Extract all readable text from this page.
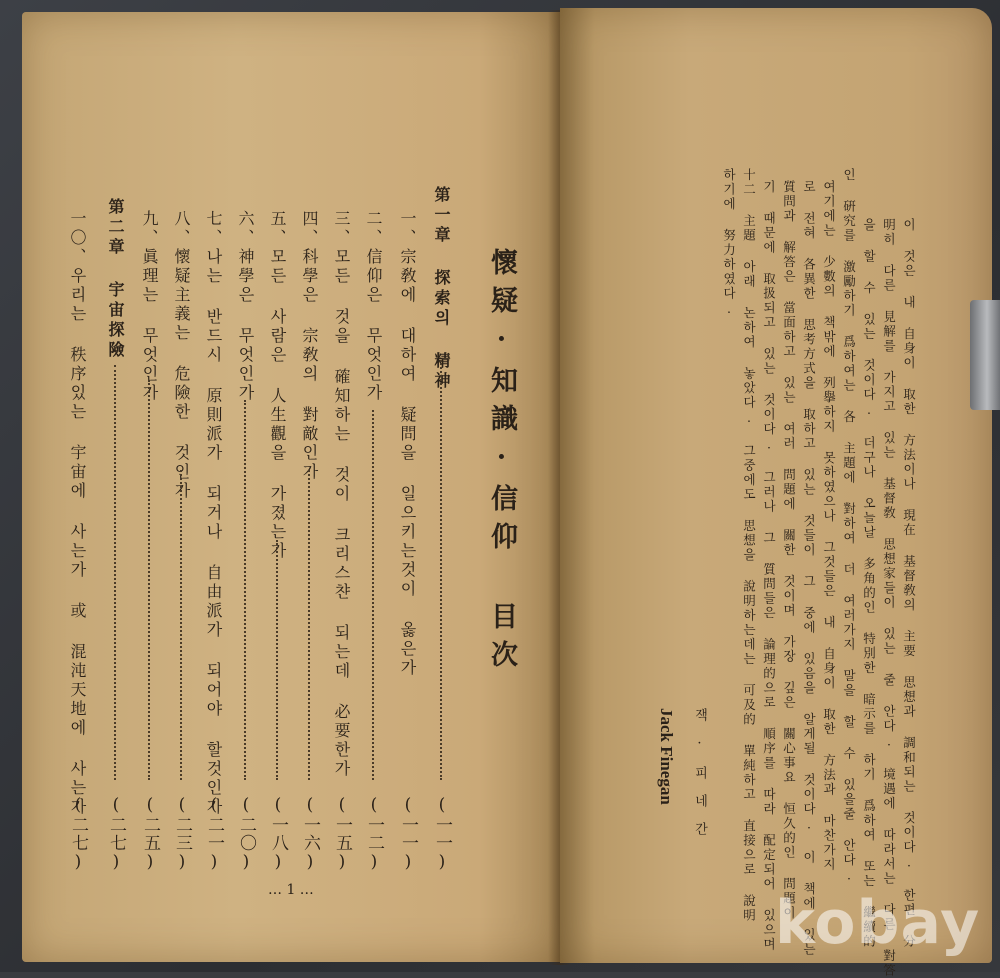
懷疑·知識·信仰 目次
第一章 探索의 精神
(一一)
一、宗敎에 대하여 疑問을 일으키는것이 옳은가
(一一)
二、信仰은 무엇인가
(一二)
三、모든 것을 確知하는 것이 크리스챤 되는데 必要한가
(一五)
四、科學은 宗敎의 對敵인가
(一六)
五、모든 사람은 人生觀을 가졌는가
(一八)
六、神學은 무엇인가
(二〇)
七、나는 반드시 原則派가 되거나 自由派가 되어야 할것인가
(二一)
八、懷疑主義는 危險한 것인가
(二三)
九、眞理는 무엇인가
(二五)
第二章 宇宙探險
(二七)
一〇、우리는 秩序있는 宇宙에 사는가 或 混沌天地에 사는가
(二七)
… 1 …	이 것은 내 自身이 取한 方法이나 現在 基督敎의 主要 思想과 調和되는 것이다. 한편 分
明히 다른 見解를 가지고 있는 基督敎 思想家들이 있는 줄 안다. 境遇에 따라서는 다른 對答
을 할 수 있는 것이다. 더구나 오늘날 多角的인 特別한 暗示를 하기 爲하여 또는 繼續的
인 硏究를 激勵하기 爲하여는 各 主題에 對하여 더 여러가지 말을 할 수 있을줄 안다.
여기에는 少數의 책밖에 列擧하지 못하였으나 그것들은 내 自身이 取한 方法과 마찬가지
로 전혀 各異한 思考方式을 取하고 있는 것들이 그 중에 있음을 알게될 것이다. 이 책에 있는
質問과 解答은 當面하고 있는 여러 問題에 關한 것이며 가장 깊은 關心事요 恒久的인 問題이
기 때문에 取扱되고 있는 것이다. 그러나 그 質問들은 論理的으로 順序를 따라 配定되어 있으며
十二 主題 아래 논하여 놓았다. 그중에도 思想을 說明하는데는 可及的 單純하고 直接으로 說明
하기에 努力하였다.
잭 · 피 네 간
Jack Finegan
kobay
